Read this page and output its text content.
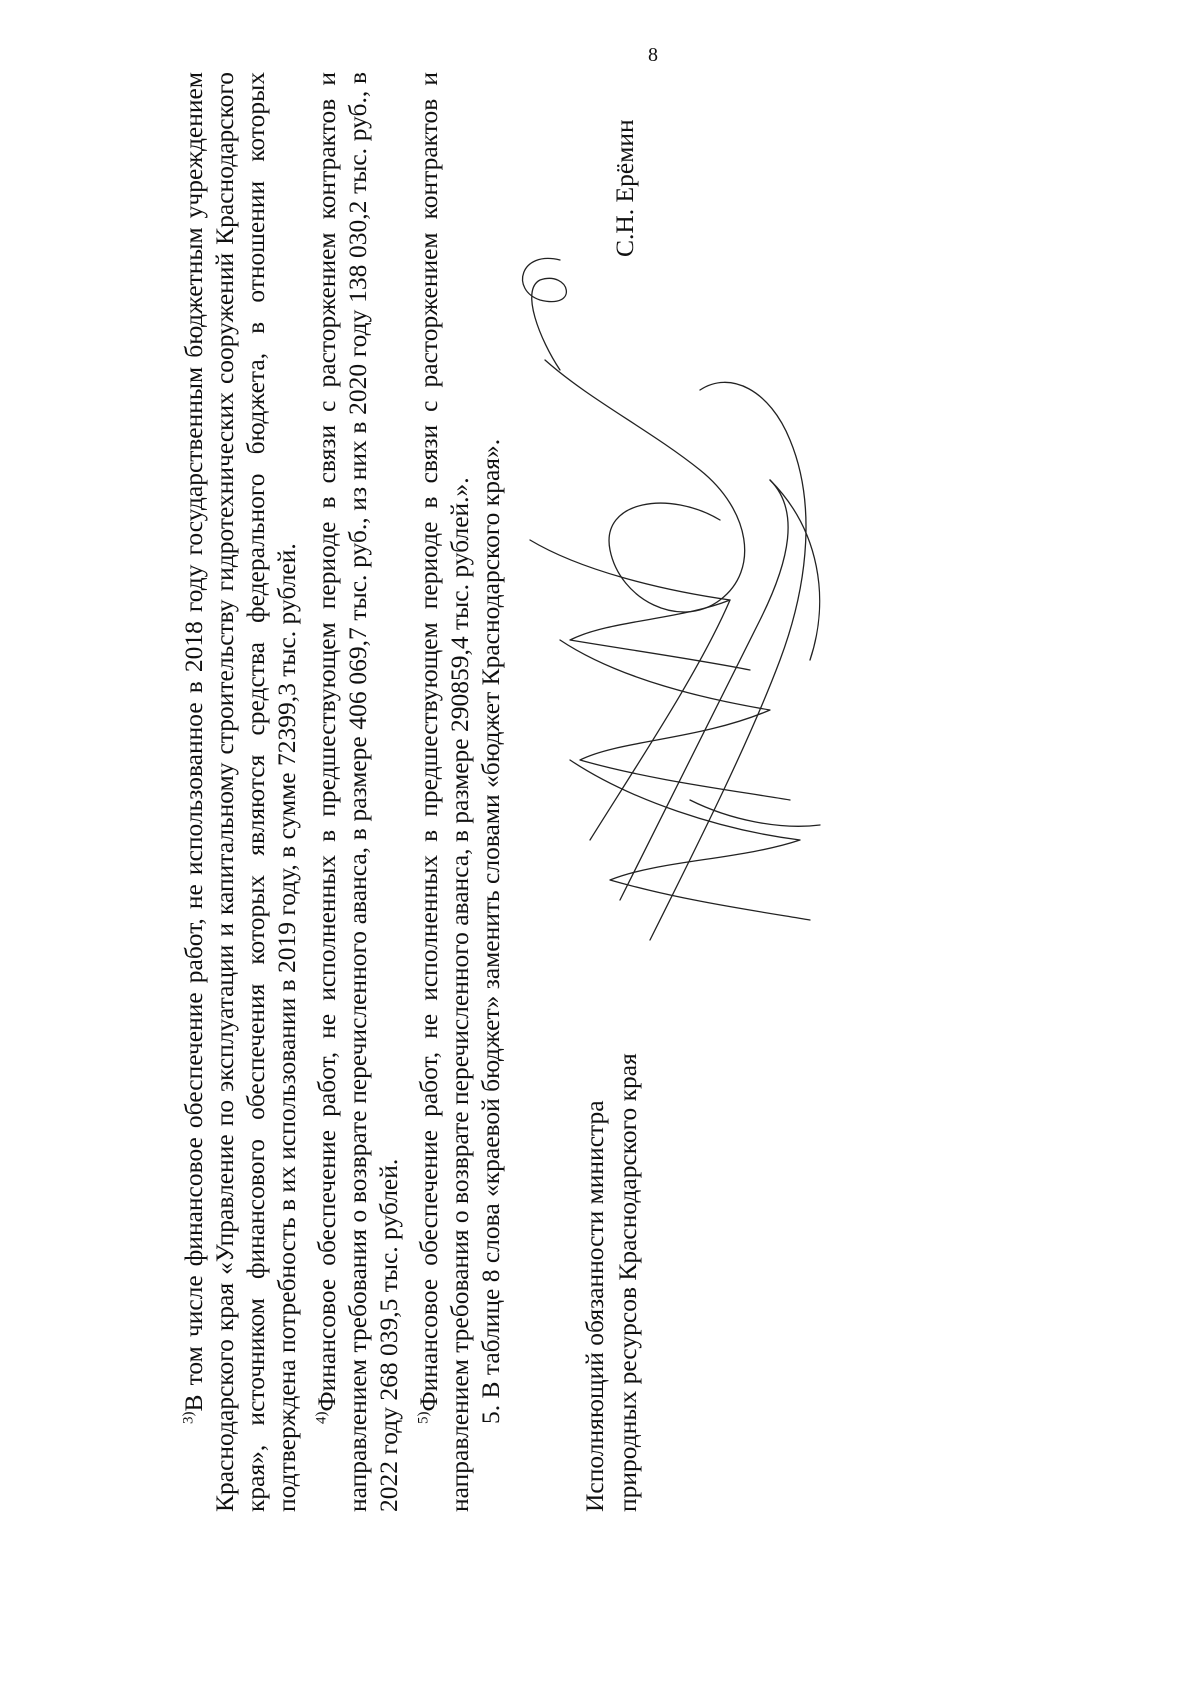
8

$^{3)}$В том числе финансовое обеспечение работ, не использованное в 2018 году государственным бюджетным учреждением Краснодарского края «Управление по эксплуатации и капитальному строительству гидротехнических сооружений Краснодарского края», источником финансового обеспечения которых являются средства федерального бюджета, в отношении которых подтверждена потребность в их использовании в 2019 году, в сумме 72399,3 тыс. рублей. $^{4)}$Финансовое обеспечение работ, не исполненных в предшествующем периоде в связи с расторжением контрактов и направлением требования о возврате перечисленного аванса, в размере 406 069,7 тыс. руб., из них в 2020 году 138 030,2 тыс. руб., в 2022 году 268 039,5 тыс. рублей. $^{5)}$Финансовое обеспечение работ, не исполненных в предшествующем периоде в связи с расторжением контрактов и направлением требования о возврате перечисленного аванса, в размере 290859,4 тыс. рублей.». 5. В таблице 8 слова «краевой бюджет» заменить словами «бюджет Краснодарского края».	Исполняющий обязанности министра природных ресурсов Краснодарского края
С.Н. Ерёмин
